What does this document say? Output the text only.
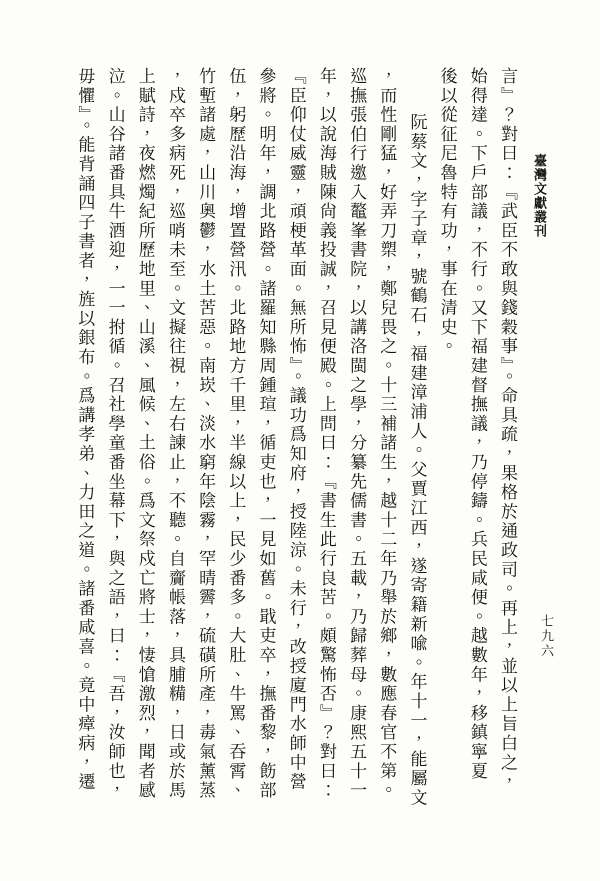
臺灣文獻叢刊
七九六
言』？對曰：『武臣不敢與錢穀事』。命具疏，果格於通政司。再上，並以上旨白之，
始得達。下戶部議，不行。又下福建督撫議，乃停鑄。兵民咸便。越數年，移鎮寧夏
後以從征尼魯特有功，事在清史。
阮蔡文，字子章，號鶴石，福建漳浦人。父賈江西，遂寄籍新喩。年十一，能屬文
，而性剛猛，好弄刀槊，鄭兒畏之。十三補諸生，越十二年乃舉於鄉，數應春官不第。
巡撫張伯行邀入鼇峯書院，以講洛閩之學，分纂先儒書。五載，乃歸葬母。康熙五十一
年，以說海賊陳尙義投誠，召見便殿。上問曰：『書生此行良苦。頗驚怖否』？對曰：
『臣仰仗威靈，頑梗革面。無所怖』。議功爲知府，授陸涼。未行，改授廈門水師中營
參將。明年，調北路營。諸羅知縣周鍾瑄，循吏也，一見如舊。戢吏卒，撫番黎，飭部
伍，躬歷沿海，增置營汛。北路地方千里，半線以上，民少番多。大肚、牛罵、吞霄、
竹塹諸處，山川奧鬱，水土苦惡。南崁、淡水窮年陰霧，罕晴霽，硫磺所產，毒氣薰蒸
，戍卒多病死，巡哨未至。文擬往視，左右諫止，不聽。自齎帳落，具脯糒，日或於馬
上賦詩，夜燃燭紀所歷地里、山溪、風候、土俗。爲文祭戍亡將士，悽愴激烈，聞者感
泣。山谷諸番具牛酒迎，一一拊循。召社學童番坐幕下，與之語，曰：『吾，汝師也，
毋懼』。能背誦四子書者，旌以銀布。爲講孝弟、力田之道。諸番咸喜。竟中瘴病，遷
